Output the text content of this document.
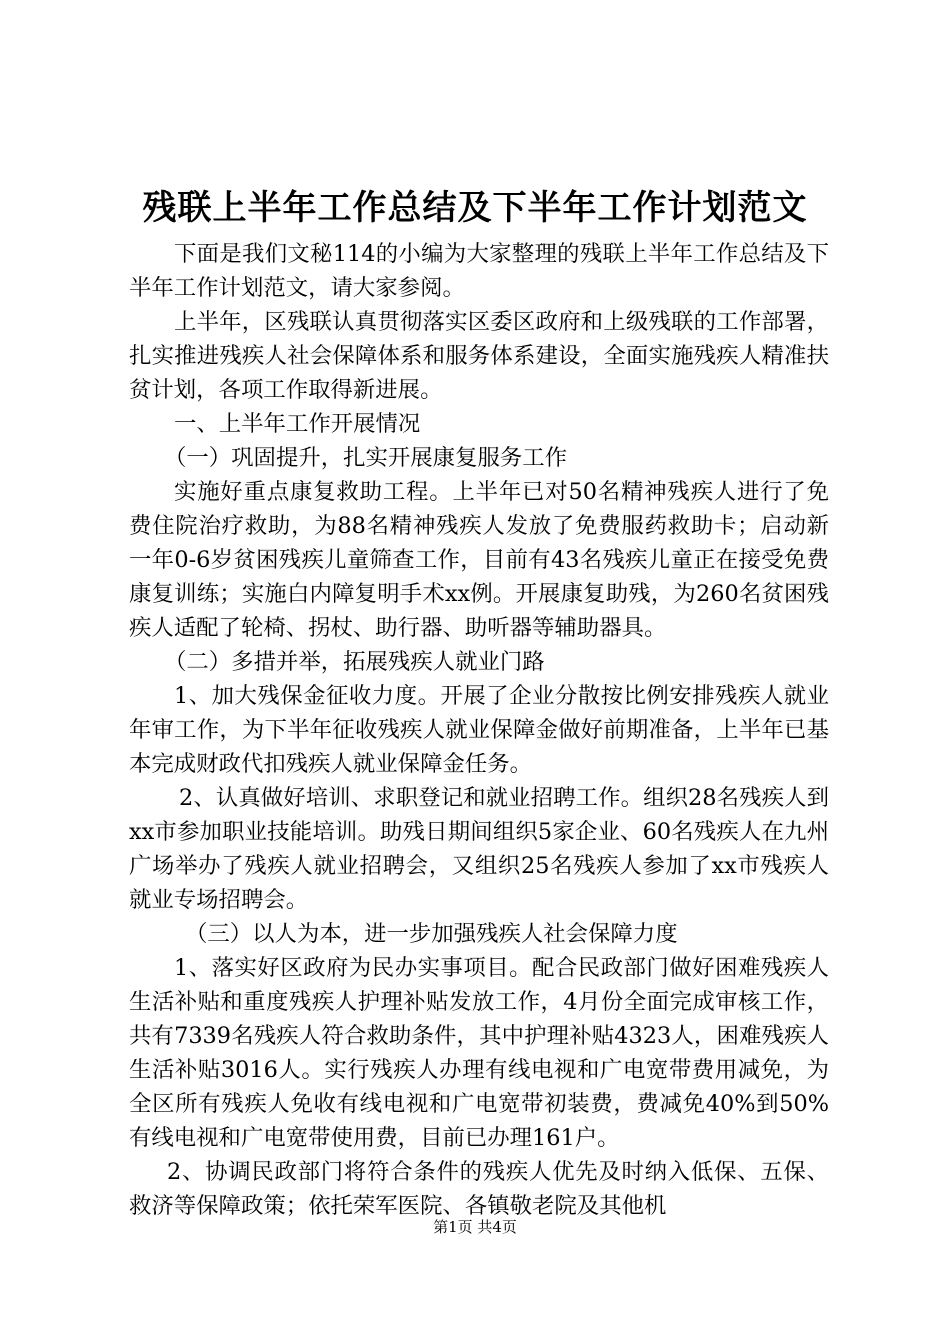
残联上半年工作总结及下半年工作计划范文

下面是我们文秘114的小编为大家整理的残联上半年工作总结及下半年工作计划范文，请大家参阅。

上半年，区残联认真贯彻落实区委区政府和上级残联的工作部署，扎实推进残疾人社会保障体系和服务体系建设，全面实施残疾人精准扶贫计划，各项工作取得新进展。

一、上半年工作开展情况

（一）巩固提升，扎实开展康复服务工作

实施好重点康复救助工程。上半年已对50名精神残疾人进行了免费住院治疗救助，为88名精神残疾人发放了免费服药救助卡；启动新一年0-6岁贫困残疾儿童筛查工作，目前有43名残疾儿童正在接受免费康复训练；实施白内障复明手术xx例。开展康复助残，为260名贫困残疾人适配了轮椅、拐杖、助行器、助听器等辅助器具。

（二）多措并举，拓展残疾人就业门路

1、加大残保金征收力度。开展了企业分散按比例安排残疾人就业年审工作，为下半年征收残疾人就业保障金做好前期准备，上半年已基本完成财政代扣残疾人就业保障金任务。

2、认真做好培训、求职登记和就业招聘工作。组织28名残疾人到xx市参加职业技能培训。助残日期间组织5家企业、60名残疾人在九州广场举办了残疾人就业招聘会，又组织25名残疾人参加了xx市残疾人就业专场招聘会。

（三）以人为本，进一步加强残疾人社会保障力度

1、落实好区政府为民办实事项目。配合民政部门做好困难残疾人生活补贴和重度残疾人护理补贴发放工作，4月份全面完成审核工作，共有7339名残疾人符合救助条件，其中护理补贴4323人，困难残疾人生活补贴3016人。实行残疾人办理有线电视和广电宽带费用减免，为全区所有残疾人免收有线电视和广电宽带初装费，费减免40%到50%有线电视和广电宽带使用费，目前已办理161户。

2、协调民政部门将符合条件的残疾人优先及时纳入低保、五保、救济等保障政策；依托荣军医院、各镇敬老院及其他机

第1页 共4页
